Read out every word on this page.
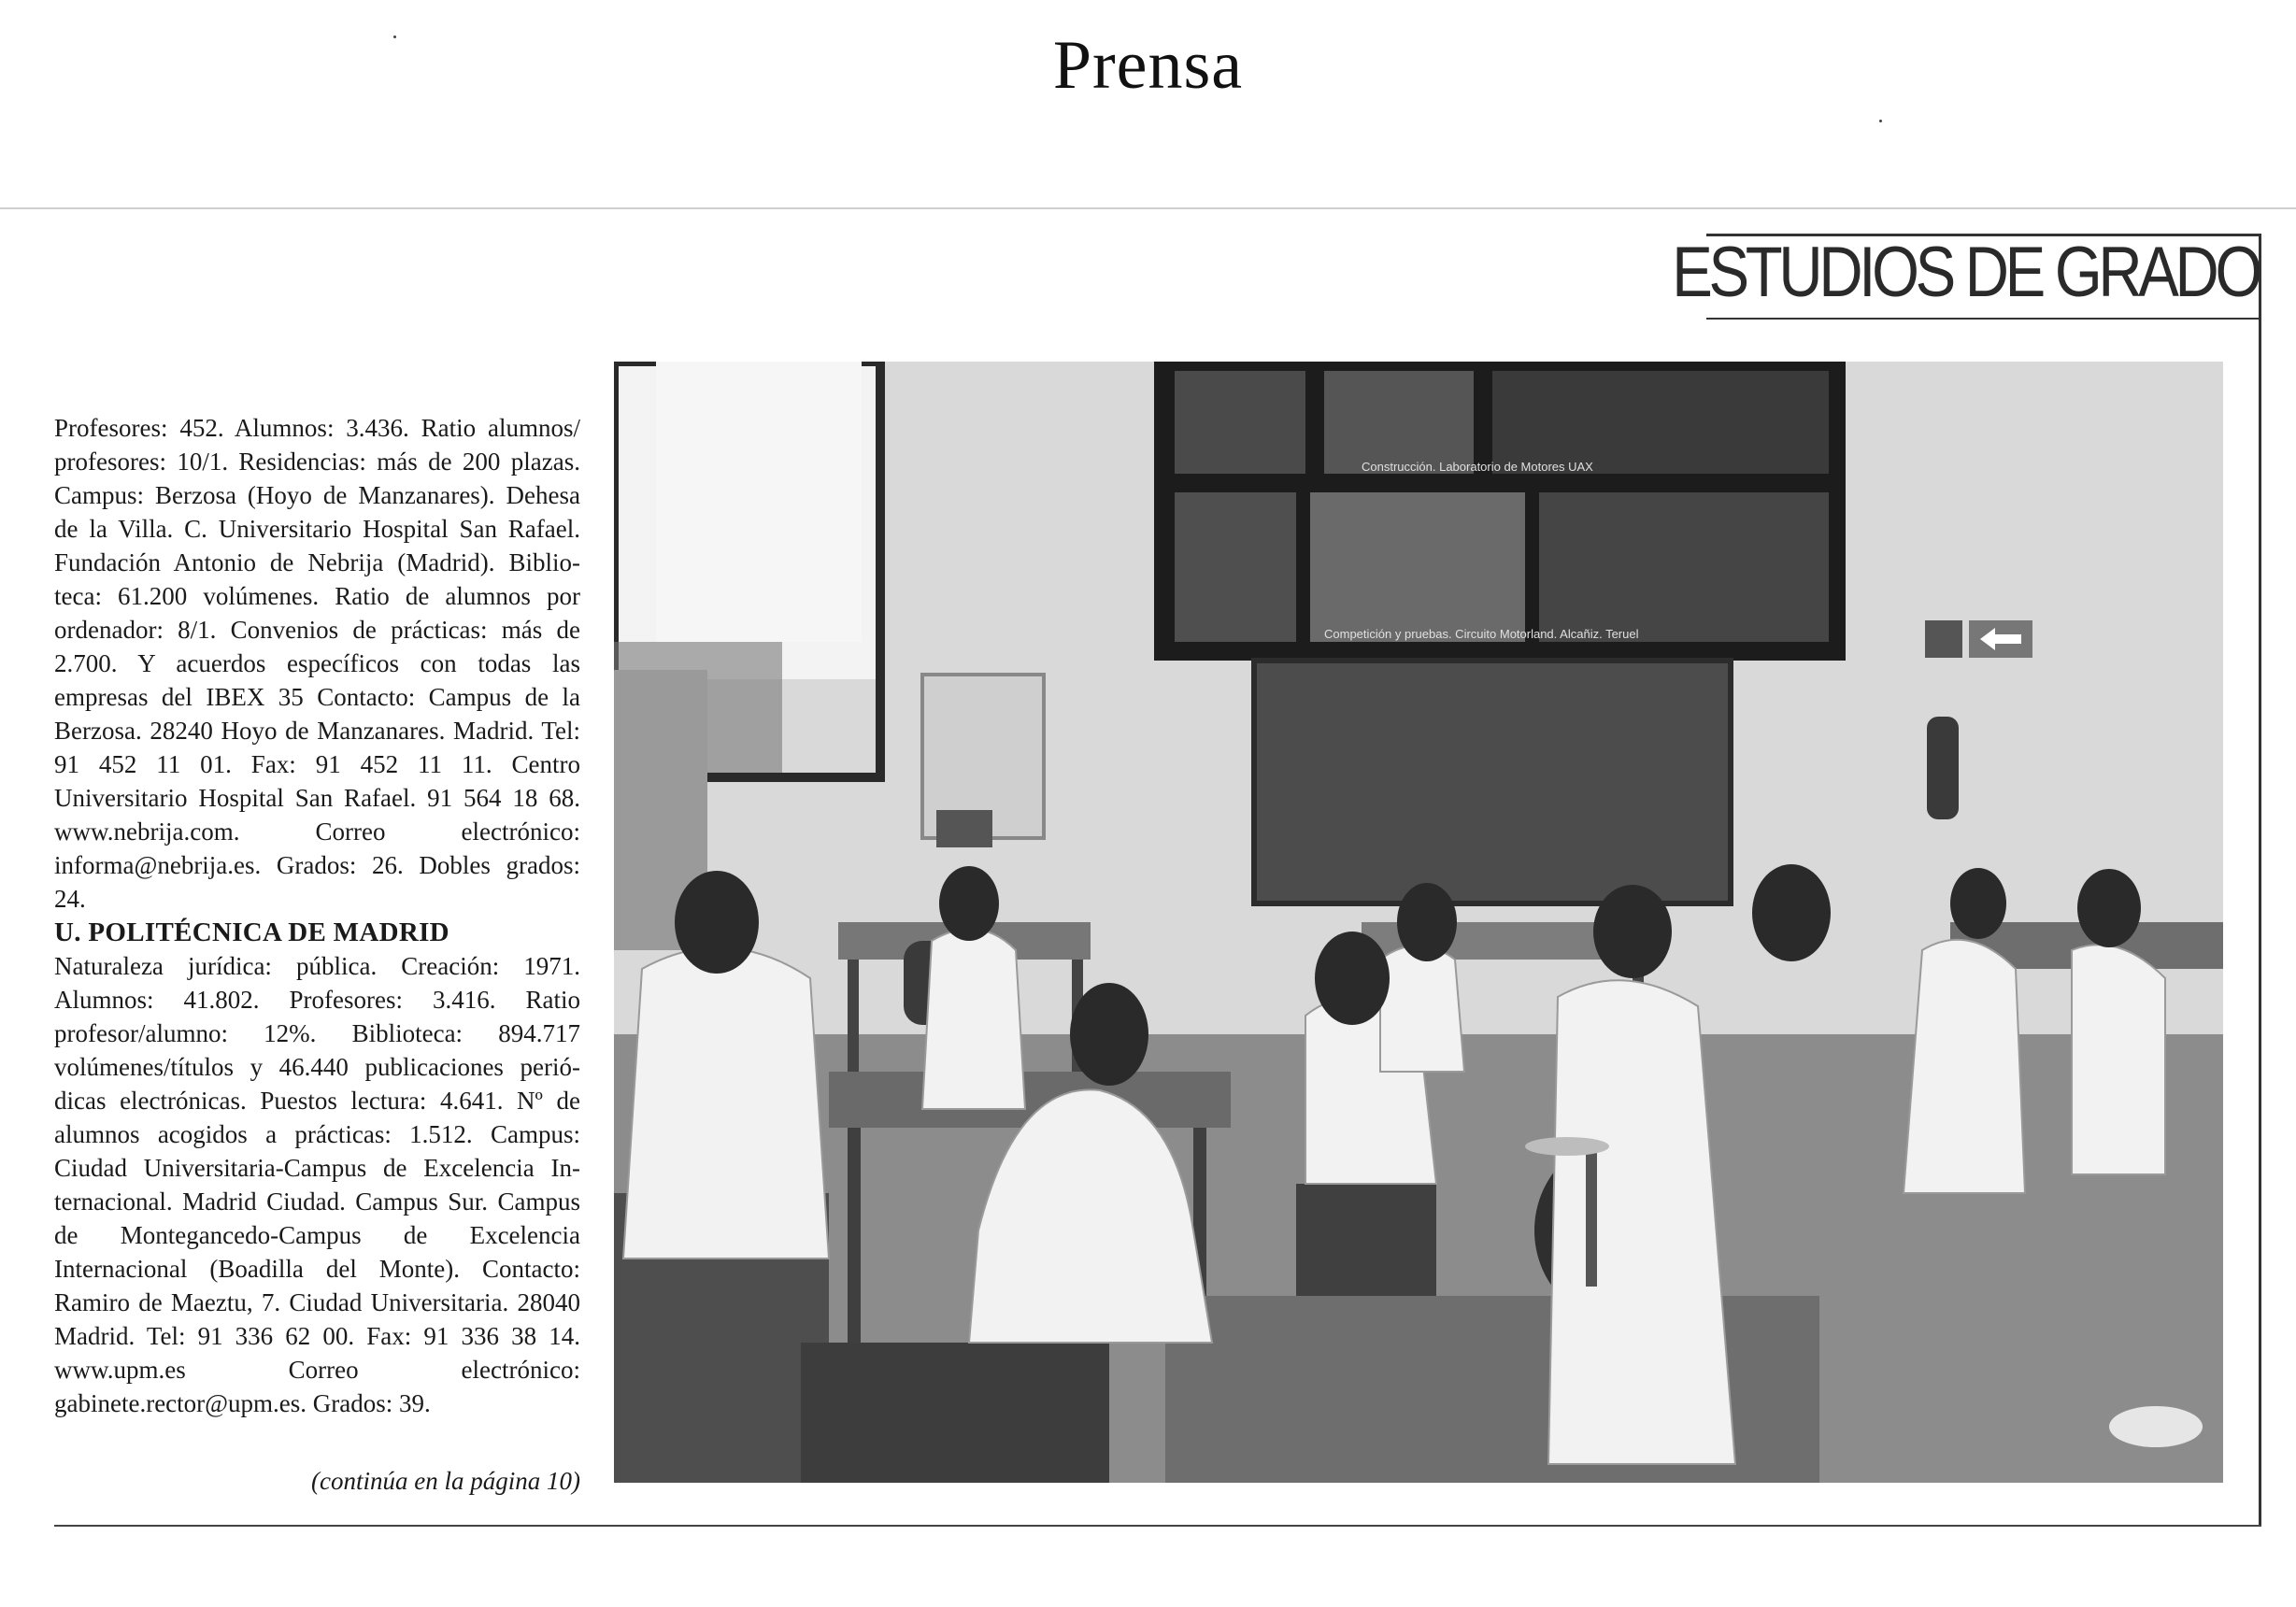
Prensa
ESTUDIOS DE GRADO

Profesores: 452. Alumnos: 3.436. Ratio alumnos/ profesores: 10/1. Residencias: más de 200 plazas. Campus: Berzosa (Hoyo de Manzanares). Dehesa de la Villa. C. Universitario Hospital San Rafael. Fundación Antonio de Nebrija (Madrid). Biblioteca: 61.200 volúmenes. Ratio de alumnos por ordenador: 8/1. Convenios de prácticas: más de 2.700. Y acuerdos específicos con todas las empresas del IBEX 35 Contacto: Campus de la Berzosa. 28240 Hoyo de Manzanares. Madrid. Tel: 91 452 11 01. Fax: 91 452 11 11. Centro Universitario Hospital San Rafael. 91 564 18 68. www.nebrija.com. Correo electrónico: informa@nebrija.es. Grados: 26. Dobles grados: 24.

U. POLITÉCNICA DE MADRID

Naturaleza jurídica: pública. Creación: 1971. Alumnos: 41.802. Profesores: 3.416. Ratio profesor/alumno: 12%. Biblioteca: 894.717 volúmenes/títulos y 46.440 publicaciones periódicas electrónicas. Puestos lectura: 4.641. Nº de alumnos acogidos a prácticas: 1.512. Campus: Ciudad Universitaria-Campus de Excelencia Internacional. Madrid Ciudad. Campus Sur. Campus de Montegancedo-Campus de Excelencia Internacional (Boadilla del Monte). Contacto: Ramiro de Maeztu, 7. Ciudad Universitaria. 28040 Madrid. Tel: 91 336 62 00. Fax: 91 336 38 14. www.upm.es Correo electrónico: gabinete.rector@upm.es. Grados: 39.

(continúa en la página 10)
Construcción. Laboratorio de Motores UAX
Competición y pruebas. Circuito Motorland. Alcañiz. Teruel
